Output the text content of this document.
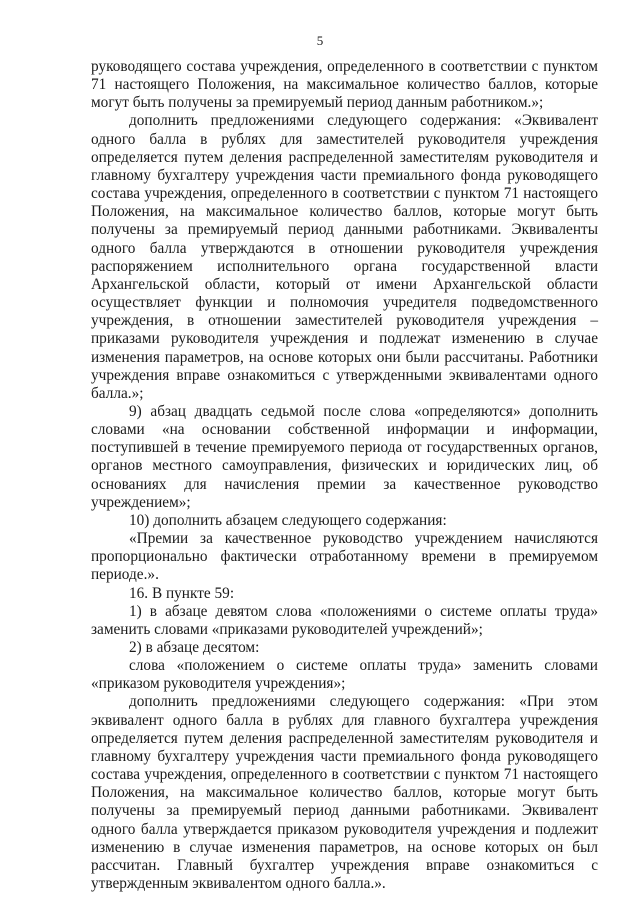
5

руководящего состава учреждения, определенного в соответствии с пунктом 71 настоящего Положения, на максимальное количество баллов, которые могут быть получены за премируемый период данным работником.»;

дополнить предложениями следующего содержания: «Эквивалент одного балла в рублях для заместителей руководителя учреждения определяется путем деления распределенной заместителям руководителя и главному бухгалтеру учреждения части премиального фонда руководящего состава учреждения, определенного в соответствии с пунктом 71 настоящего Положения, на максимальное количество баллов, которые могут быть получены за премируемый период данными работниками. Эквиваленты одного балла утверждаются в отношении руководителя учреждения распоряжением исполнительного органа государственной власти Архангельской области, который от имени Архангельской области осуществляет функции и полномочия учредителя подведомственного учреждения, в отношении заместителей руководителя учреждения – приказами руководителя учреждения и подлежат изменению в случае изменения параметров, на основе которых они были рассчитаны. Работники учреждения вправе ознакомиться с утвержденными эквивалентами одного балла.»;

9) абзац двадцать седьмой после слова «определяются» дополнить словами «на основании собственной информации и информации, поступившей в течение премируемого периода от государственных органов, органов местного самоуправления, физических и юридических лиц, об основаниях для начисления премии за качественное руководство учреждением»;

10) дополнить абзацем следующего содержания:

«Премии за качественное руководство учреждением начисляются пропорционально фактически отработанному времени в премируемом периоде.».

16. В пункте 59:

1) в абзаце девятом слова «положениями о системе оплаты труда» заменить словами «приказами руководителей учреждений»;

2) в абзаце десятом:

слова «положением о системе оплаты труда» заменить словами «приказом руководителя учреждения»;

дополнить предложениями следующего содержания: «При этом эквивалент одного балла в рублях для главного бухгалтера учреждения определяется путем деления распределенной заместителям руководителя и главному бухгалтеру учреждения части премиального фонда руководящего состава учреждения, определенного в соответствии с пунктом 71 настоящего Положения, на максимальное количество баллов, которые могут быть получены за премируемый период данными работниками. Эквивалент одного балла утверждается приказом руководителя учреждения и подлежит изменению в случае изменения параметров, на основе которых он был рассчитан. Главный бухгалтер учреждения вправе ознакомиться с утвержденным эквивалентом одного балла.».
